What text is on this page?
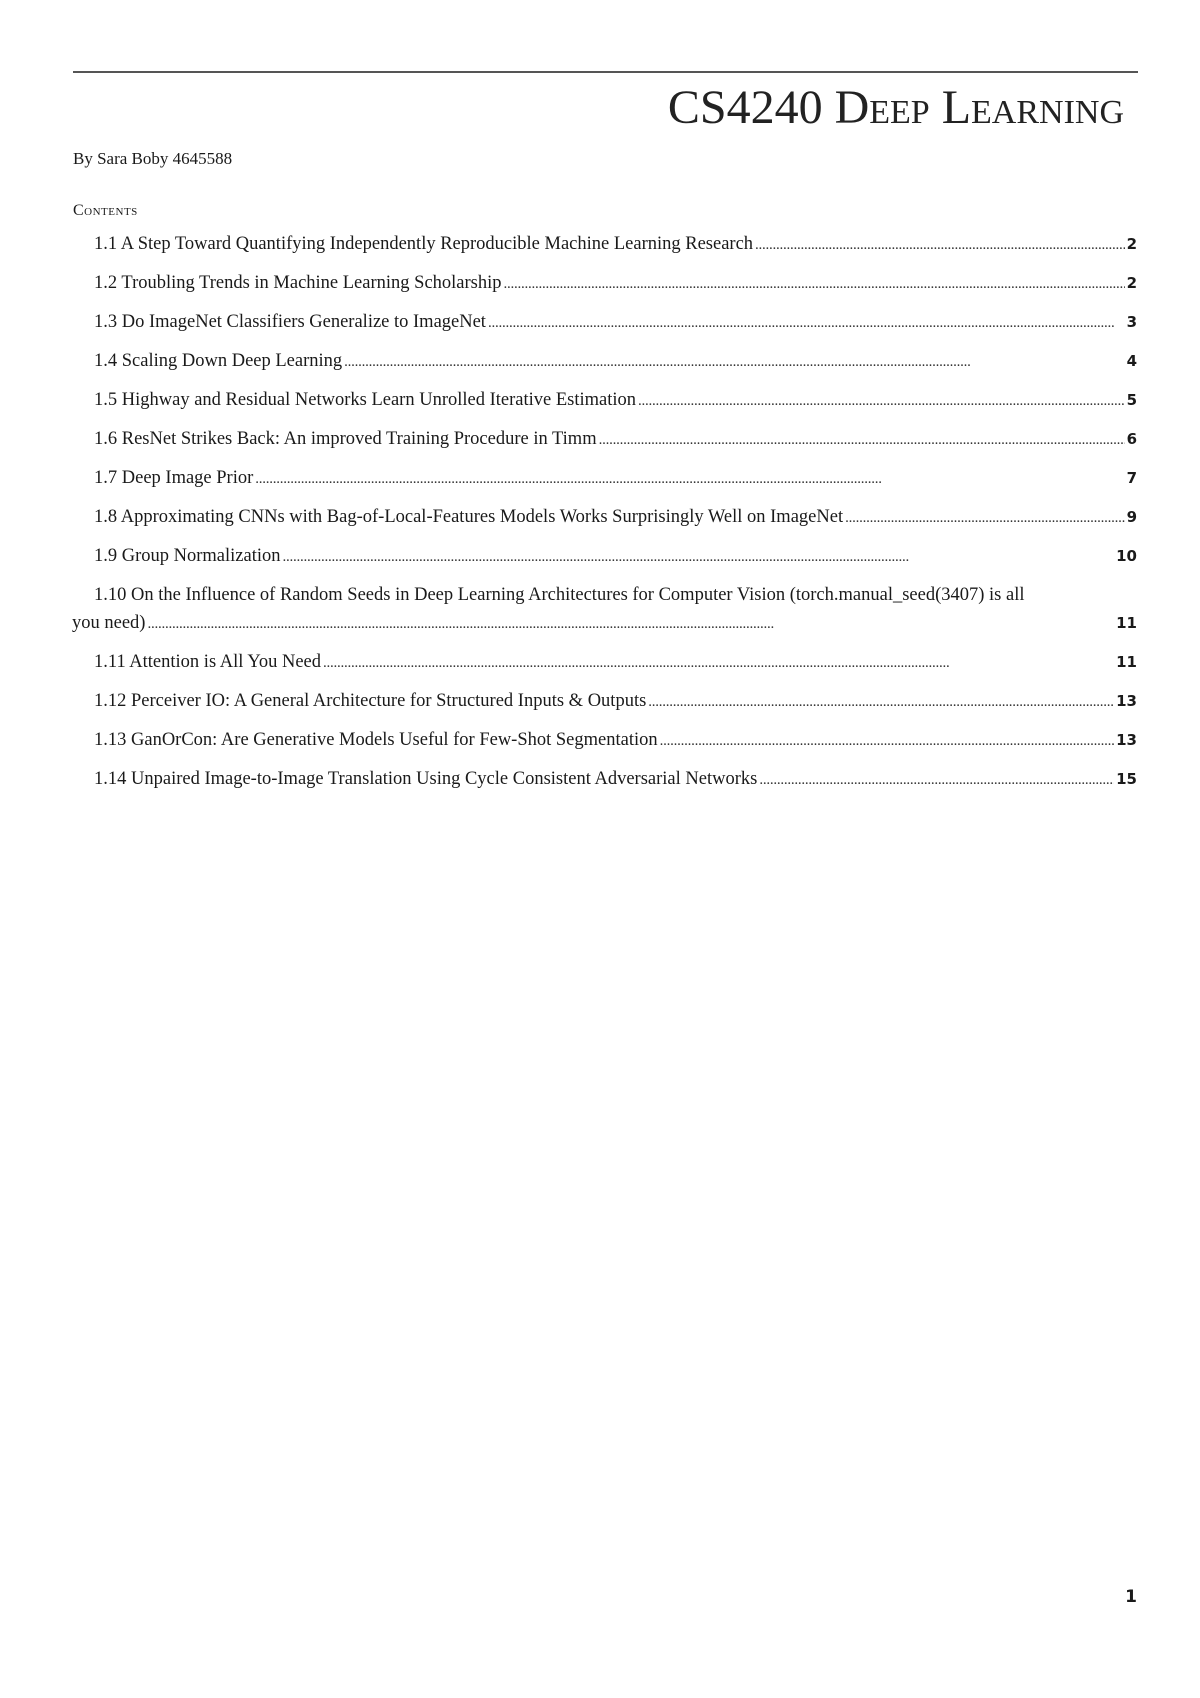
CS4240 Deep Learning
By Sara Boby 4645588
Contents
1.1 A Step Toward Quantifying Independently Reproducible Machine Learning Research . . .	2
1.2 Troubling Trends in Machine Learning Scholarship . . .	2
1.3 Do ImageNet Classifiers Generalize to ImageNet . . .	3
1.4 Scaling Down Deep Learning . . .	4
1.5 Highway and Residual Networks Learn Unrolled Iterative Estimation . . .	5
1.6 ResNet Strikes Back: An improved Training Procedure in Timm . . .	6
1.7 Deep Image Prior . . .	7
1.8 Approximating CNNs with Bag-of-Local-Features Models Works Surprisingly Well on ImageNet . . .	9
1.9 Group Normalization . . .	10
1.10 On the Influence of Random Seeds in Deep Learning Architectures for Computer Vision (torch.manual_seed(3407) is all
you need) . . .	11
1.11 Attention is All You Need . . .	11
1.12 Perceiver IO: A General Architecture for Structured Inputs & Outputs . . .	13
1.13 GanOrCon: Are Generative Models Useful for Few-Shot Segmentation . . .	13
1.14 Unpaired Image-to-Image Translation Using Cycle Consistent Adversarial Networks . . .	15
1
